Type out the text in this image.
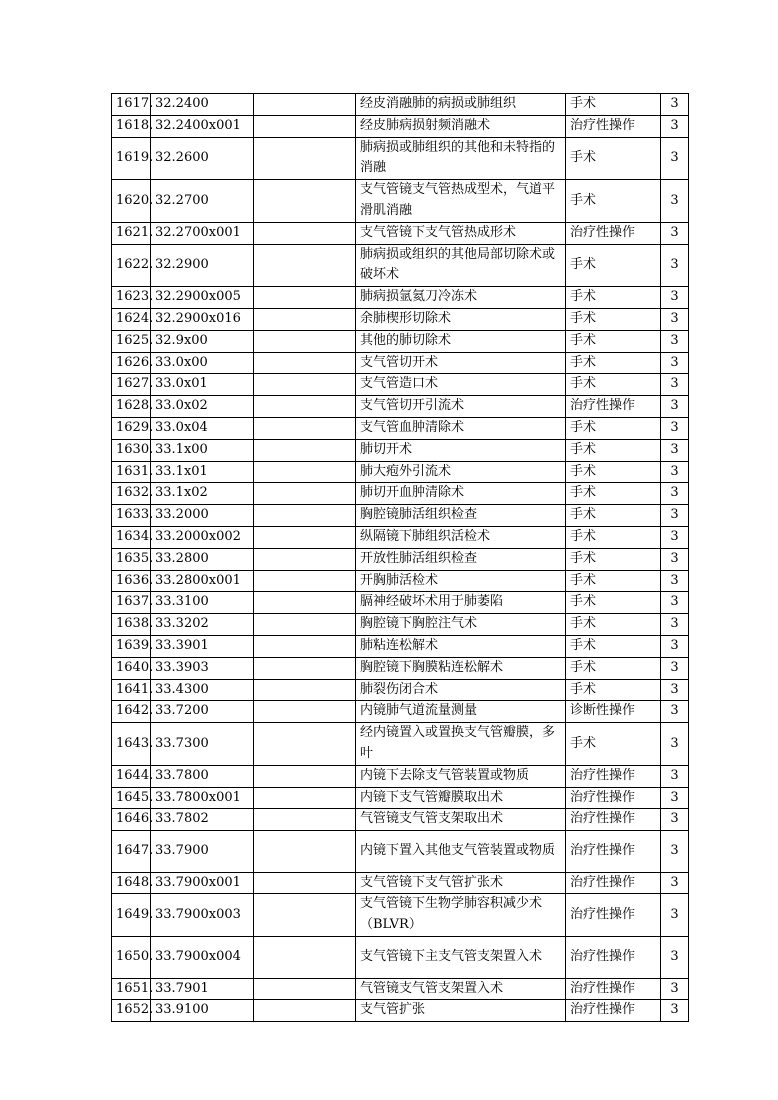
1617.	32.2400		经皮消融肺的病损或肺组织	手术	3
1618.	32.2400x001		经皮肺病损射频消融术	治疗性操作	3
1619.	32.2600		肺病损或肺组织的其他和未特指的消融	手术	3
1620.	32.2700		支气管镜支气管热成型术，气道平滑肌消融	手术	3
1621.	32.2700x001		支气管镜下支气管热成形术	治疗性操作	3
1622.	32.2900		肺病损或组织的其他局部切除术或破坏术	手术	3
1623.	32.2900x005		肺病损氩氦刀冷冻术	手术	3
1624.	32.2900x016		余肺楔形切除术	手术	3
1625.	32.9x00		其他的肺切除术	手术	3
1626.	33.0x00		支气管切开术	手术	3
1627.	33.0x01		支气管造口术	手术	3
1628.	33.0x02		支气管切开引流术	治疗性操作	3
1629.	33.0x04		支气管血肿清除术	手术	3
1630.	33.1x00		肺切开术	手术	3
1631.	33.1x01		肺大疱外引流术	手术	3
1632.	33.1x02		肺切开血肿清除术	手术	3
1633.	33.2000		胸腔镜肺活组织检查	手术	3
1634.	33.2000x002		纵隔镜下肺组织活检术	手术	3
1635.	33.2800		开放性肺活组织检查	手术	3
1636.	33.2800x001		开胸肺活检术	手术	3
1637.	33.3100		膈神经破坏术用于肺萎陷	手术	3
1638.	33.3202		胸腔镜下胸腔注气术	手术	3
1639.	33.3901		肺粘连松解术	手术	3
1640.	33.3903		胸腔镜下胸膜粘连松解术	手术	3
1641.	33.4300		肺裂伤闭合术	手术	3
1642.	33.7200		内镜肺气道流量测量	诊断性操作	3
1643.	33.7300		经内镜置入或置换支气管瓣膜，多叶	手术	3
1644.	33.7800		内镜下去除支气管装置或物质	治疗性操作	3
1645.	33.7800x001		内镜下支气管瓣膜取出术	治疗性操作	3
1646.	33.7802		气管镜支气管支架取出术	治疗性操作	3
1647.	33.7900		内镜下置入其他支气管装置或物质	治疗性操作	3
1648.	33.7900x001		支气管镜下支气管扩张术	治疗性操作	3
1649.	33.7900x003		支气管镜下生物学肺容积减少术（BLVR）	治疗性操作	3
1650.	33.7900x004		支气管镜下主支气管支架置入术	治疗性操作	3
1651.	33.7901		气管镜支气管支架置入术	治疗性操作	3
1652.	33.9100		支气管扩张	治疗性操作	3
